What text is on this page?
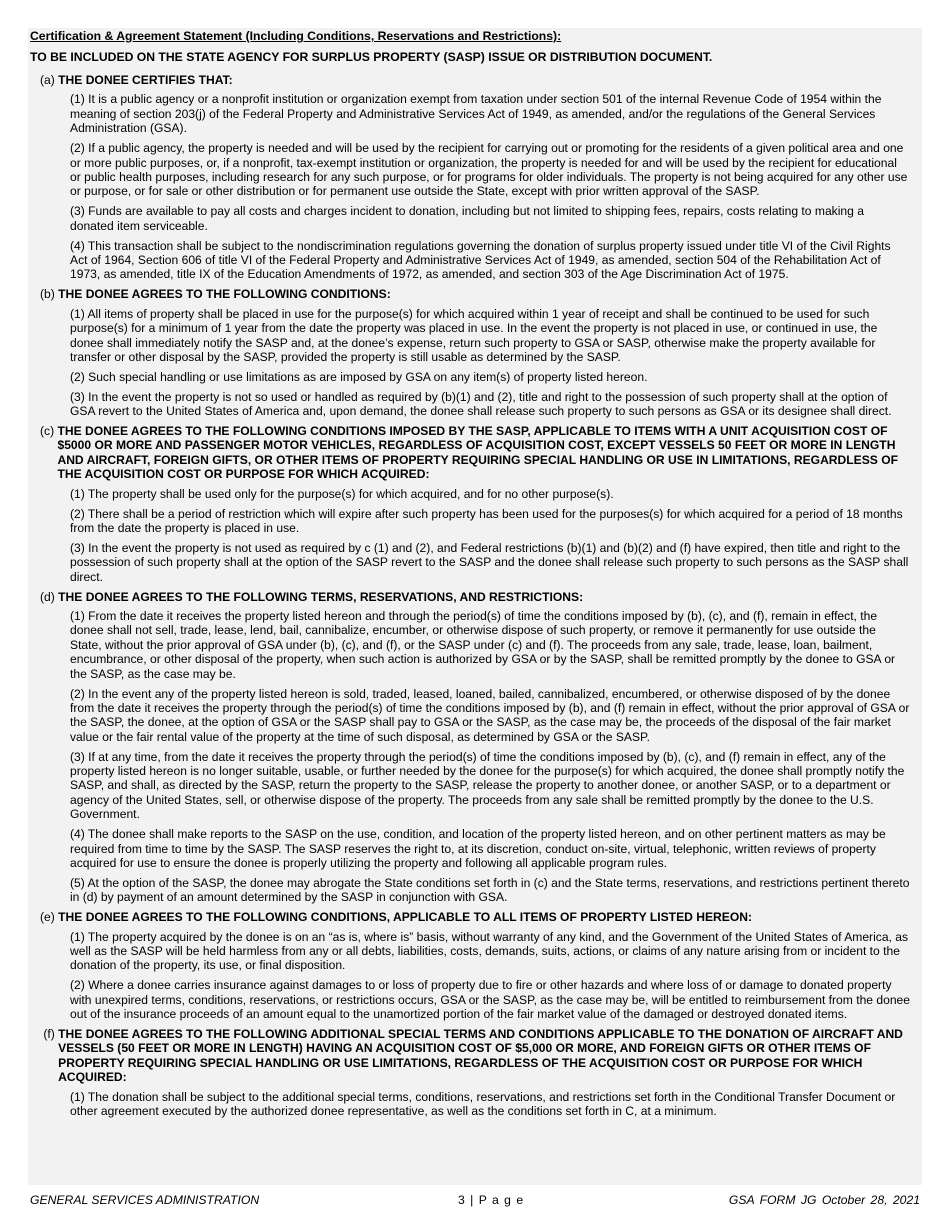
Certification & Agreement Statement (Including Conditions, Reservations and Restrictions):
TO BE INCLUDED ON THE STATE AGENCY FOR SURPLUS PROPERTY (SASP) ISSUE OR DISTRIBUTION DOCUMENT.
(a) THE DONEE CERTIFIES THAT:
(1) It is a public agency or a nonprofit institution or organization exempt from taxation under section 501 of the internal Revenue Code of 1954 within the meaning of section 203(j) of the Federal Property and Administrative Services Act of 1949, as amended, and/or the regulations of the General Services Administration (GSA).
(2) If a public agency, the property is needed and will be used by the recipient for carrying out or promoting for the residents of a given political area and one or more public purposes, or, if a nonprofit, tax-exempt institution or organization, the property is needed for and will be used by the recipient for educational or public health purposes, including research for any such purpose, or for programs for older individuals. The property is not being acquired for any other use or purpose, or for sale or other distribution or for permanent use outside the State, except with prior written approval of the SASP.
(3) Funds are available to pay all costs and charges incident to donation, including but not limited to shipping fees, repairs, costs relating to making a donated item serviceable.
(4) This transaction shall be subject to the nondiscrimination regulations governing the donation of surplus property issued under title VI of the Civil Rights Act of 1964, Section 606 of title VI of the Federal Property and Administrative Services Act of 1949, as amended, section 504 of the Rehabilitation Act of 1973, as amended, title IX of the Education Amendments of 1972, as amended, and section 303 of the Age Discrimination Act of 1975.
(b) THE DONEE AGREES TO THE FOLLOWING CONDITIONS:
(1) All items of property shall be placed in use for the purpose(s) for which acquired within 1 year of receipt and shall be continued to be used for such purpose(s) for a minimum of 1 year from the date the property was placed in use. In the event the property is not placed in use, or continued in use, the donee shall immediately notify the SASP and, at the donee’s expense, return such property to GSA or SASP, otherwise make the property available for transfer or other disposal by the SASP, provided the property is still usable as determined by the SASP.
(2) Such special handling or use limitations as are imposed by GSA on any item(s) of property listed hereon.
(3) In the event the property is not so used or handled as required by (b)(1) and (2), title and right to the possession of such property shall at the option of GSA revert to the United States of America and, upon demand, the donee shall release such property to such persons as GSA or its designee shall direct.
(c) THE DONEE AGREES TO THE FOLLOWING CONDITIONS IMPOSED BY THE SASP, APPLICABLE TO ITEMS WITH A UNIT ACQUISITION COST OF $5000 OR MORE AND PASSENGER MOTOR VEHICLES, REGARDLESS OF ACQUISITION COST, EXCEPT VESSELS 50 FEET OR MORE IN LENGTH AND AIRCRAFT, FOREIGN GIFTS, OR OTHER ITEMS OF PROPERTY REQUIRING SPECIAL HANDLING OR USE IN LIMITATIONS, REGARDLESS OF THE ACQUISITION COST OR PURPOSE FOR WHICH ACQUIRED:
(1) The property shall be used only for the purpose(s) for which acquired, and for no other purpose(s).
(2) There shall be a period of restriction which will expire after such property has been used for the purposes(s) for which acquired for a period of 18 months from the date the property is placed in use.
(3) In the event the property is not used as required by c (1) and (2), and Federal restrictions (b)(1) and (b)(2) and (f) have expired, then title and right to the possession of such property shall at the option of the SASP revert to the SASP and the donee shall release such property to such persons as the SASP shall direct.
(d) THE DONEE AGREES TO THE FOLLOWING TERMS, RESERVATIONS, AND RESTRICTIONS:
(1) From the date it receives the property listed hereon and through the period(s) of time the conditions imposed by (b), (c), and (f), remain in effect, the donee shall not sell, trade, lease, lend, bail, cannibalize, encumber, or otherwise dispose of such property, or remove it permanently for use outside the State, without the prior approval of GSA under (b), (c), and (f), or the SASP under (c) and (f). The proceeds from any sale, trade, lease, loan, bailment, encumbrance, or other disposal of the property, when such action is authorized by GSA or by the SASP, shall be remitted promptly by the donee to GSA or the SASP, as the case may be.
(2) In the event any of the property listed hereon is sold, traded, leased, loaned, bailed, cannibalized, encumbered, or otherwise disposed of by the donee from the date it receives the property through the period(s) of time the conditions imposed by (b), and (f) remain in effect, without the prior approval of GSA or the SASP, the donee, at the option of GSA or the SASP shall pay to GSA or the SASP, as the case may be, the proceeds of the disposal of the fair market value or the fair rental value of the property at the time of such disposal, as determined by GSA or the SASP.
(3) If at any time, from the date it receives the property through the period(s) of time the conditions imposed by (b), (c), and (f) remain in effect, any of the property listed hereon is no longer suitable, usable, or further needed by the donee for the purpose(s) for which acquired, the donee shall promptly notify the SASP, and shall, as directed by the SASP, return the property to the SASP, release the property to another donee, or another SASP, or to a department or agency of the United States, sell, or otherwise dispose of the property. The proceeds from any sale shall be remitted promptly by the donee to the U.S. Government.
(4) The donee shall make reports to the SASP on the use, condition, and location of the property listed hereon, and on other pertinent matters as may be required from time to time by the SASP. The SASP reserves the right to, at its discretion, conduct on-site, virtual, telephonic, written reviews of property acquired for use to ensure the donee is properly utilizing the property and following all applicable program rules.
(5) At the option of the SASP, the donee may abrogate the State conditions set forth in (c) and the State terms, reservations, and restrictions pertinent thereto in (d) by payment of an amount determined by the SASP in conjunction with GSA.
(e) THE DONEE AGREES TO THE FOLLOWING CONDITIONS, APPLICABLE TO ALL ITEMS OF PROPERTY LISTED HEREON:
(1) The property acquired by the donee is on an “as is, where is” basis, without warranty of any kind, and the Government of the United States of America, as well as the SASP will be held harmless from any or all debts, liabilities, costs, demands, suits, actions, or claims of any nature arising from or incident to the donation of the property, its use, or final disposition.
(2) Where a donee carries insurance against damages to or loss of property due to fire or other hazards and where loss of or damage to donated property with unexpired terms, conditions, reservations, or restrictions occurs, GSA or the SASP, as the case may be, will be entitled to reimbursement from the donee out of the insurance proceeds of an amount equal to the unamortized portion of the fair market value of the damaged or destroyed donated items.
(f) THE DONEE AGREES TO THE FOLLOWING ADDITIONAL SPECIAL TERMS AND CONDITIONS APPLICABLE TO THE DONATION OF AIRCRAFT AND VESSELS (50 FEET OR MORE IN LENGTH) HAVING AN ACQUISITION COST OF $5,000 OR MORE, AND FOREIGN GIFTS OR OTHER ITEMS OF PROPERTY REQUIRING SPECIAL HANDLING OR USE LIMITATIONS, REGARDLESS OF THE ACQUISITION COST OR PURPOSE FOR WHICH ACQUIRED:
(1) The donation shall be subject to the additional special terms, conditions, reservations, and restrictions set forth in the Conditional Transfer Document or other agreement executed by the authorized donee representative, as well as the conditions set forth in C, at a minimum.
GENERAL SERVICES ADMINISTRATION	3 | P a g e	GSA FORM JG October 28, 2021
